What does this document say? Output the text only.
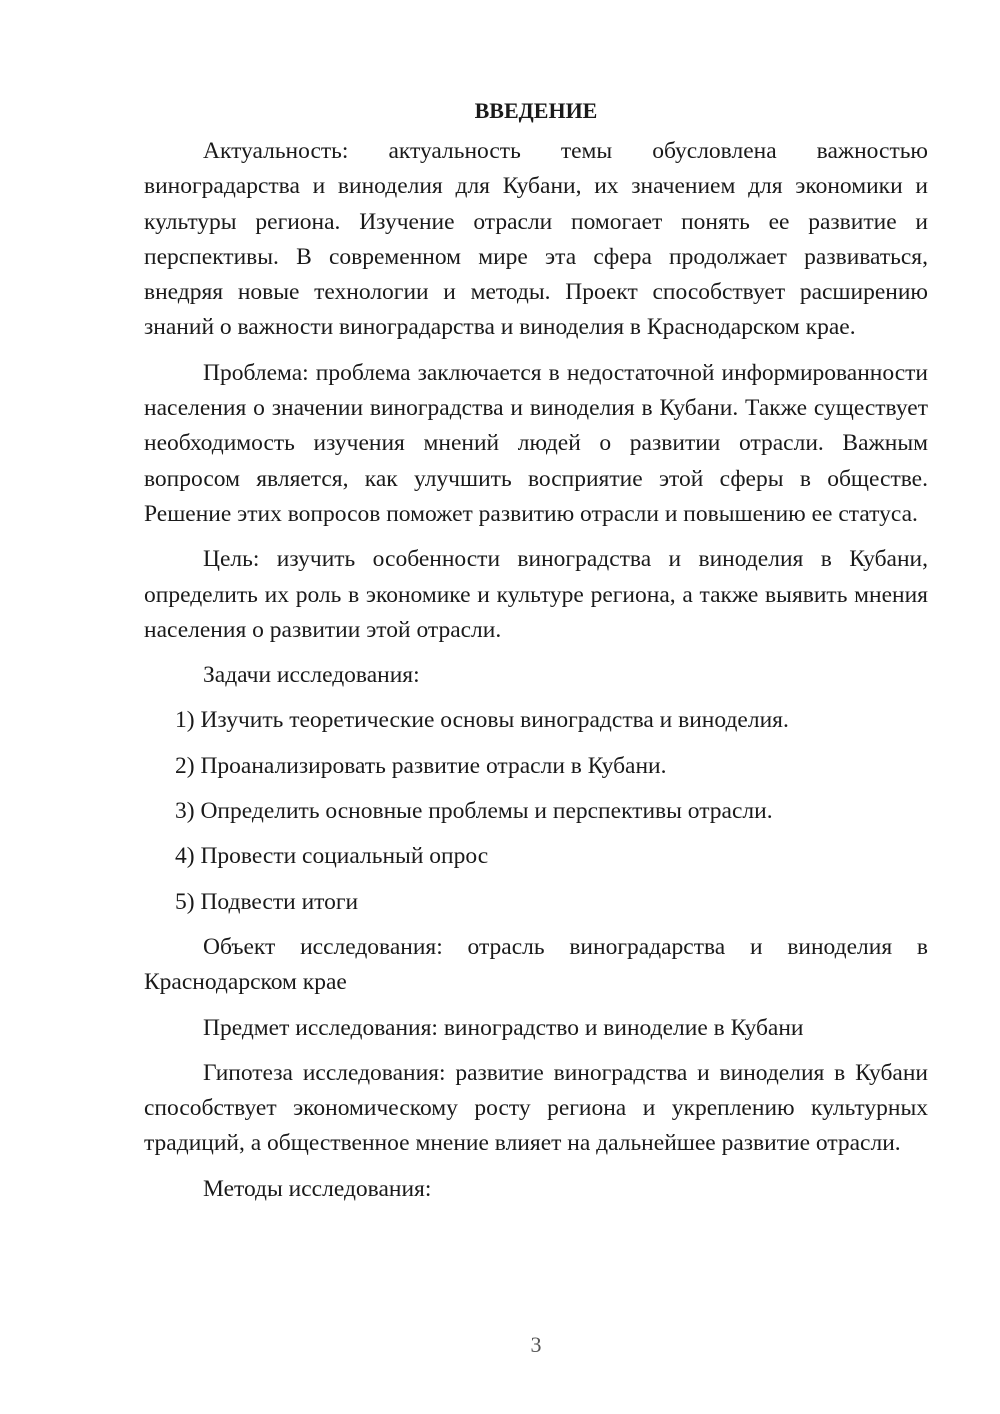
ВВЕДЕНИЕ

Актуальность: актуальность темы обусловлена важностью виноградарства и виноделия для Кубани, их значением для экономики и культуры региона. Изучение отрасли помогает понять ее развитие и перспективы. В современном мире эта сфера продолжает развиваться, внедряя новые технологии и методы. Проект способствует расширению знаний о важности виноградарства и виноделия в Краснодарском крае.

Проблема: проблема заключается в недостаточной информированности населения о значении виноградства и виноделия в Кубани. Также существует необходимость изучения мнений людей о развитии отрасли. Важным вопросом является, как улучшить восприятие этой сферы в обществе. Решение этих вопросов поможет развитию отрасли и повышению ее статуса.

Цель: изучить особенности виноградства и виноделия в Кубани, определить их роль в экономике и культуре региона, а также выявить мнения населения о развитии этой отрасли.

Задачи исследования:

1) Изучить теоретические основы виноградства и виноделия.
2) Проанализировать развитие отрасли в Кубани.
3) Определить основные проблемы и перспективы отрасли.
4) Провести социальный опрос
5) Подвести итоги

Объект исследования: отрасль виноградарства и виноделия в Краснодарском крае

Предмет исследования: виноградство и виноделие в Кубани

Гипотеза исследования: развитие виноградства и виноделия в Кубани способствует экономическому росту региона и укреплению культурных традиций, а общественное мнение влияет на дальнейшее развитие отрасли.

Методы исследования:

3
